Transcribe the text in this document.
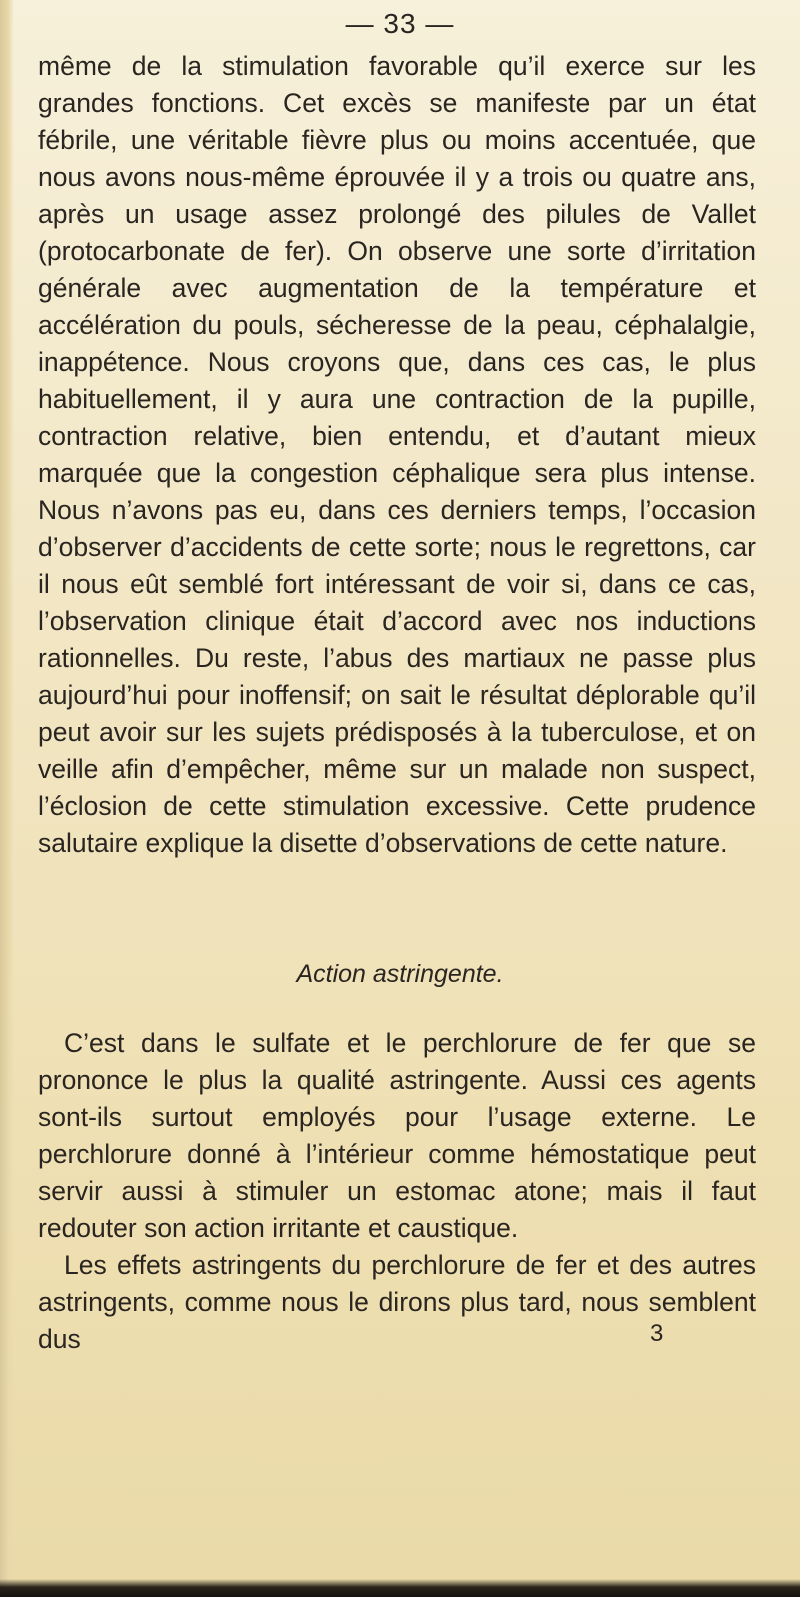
— 33 —

même de la stimulation favorable qu’il exerce sur les grandes fonctions. Cet excès se manifeste par un état fébrile, une véritable fièvre plus ou moins accentuée, que nous avons nous-même éprouvée il y a trois ou quatre ans, après un usage assez prolongé des pilules de Vallet (protocarbonate de fer). On observe une sorte d’irritation générale avec augmentation de la température et accélération du pouls, sécheresse de la peau, céphalalgie, inappétence. Nous croyons que, dans ces cas, le plus habituellement, il y aura une contraction de la pupille, contraction relative, bien entendu, et d’autant mieux marquée que la congestion céphalique sera plus intense. Nous n’avons pas eu, dans ces derniers temps, l’occasion d’observer d’accidents de cette sorte; nous le regrettons, car il nous eût semblé fort intéressant de voir si, dans ce cas, l’observation clinique était d’accord avec nos inductions rationnelles. Du reste, l’abus des martiaux ne passe plus aujourd’hui pour inoffensif; on sait le résultat déplorable qu’il peut avoir sur les sujets prédisposés à la tuberculose, et on veille afin d’empêcher, même sur un malade non suspect, l’éclosion de cette stimulation excessive. Cette prudence salutaire explique la disette d’observations de cette nature.

Action astringente.

C’est dans le sulfate et le perchlorure de fer que se prononce le plus la qualité astringente. Aussi ces agents sont-ils surtout employés pour l’usage externe. Le perchlorure donné à l’intérieur comme hémostatique peut servir aussi à stimuler un estomac atone; mais il faut redouter son action irritante et caustique.

Les effets astringents du perchlorure de fer et des autres astringents, comme nous le dirons plus tard, nous semblent dus	3
